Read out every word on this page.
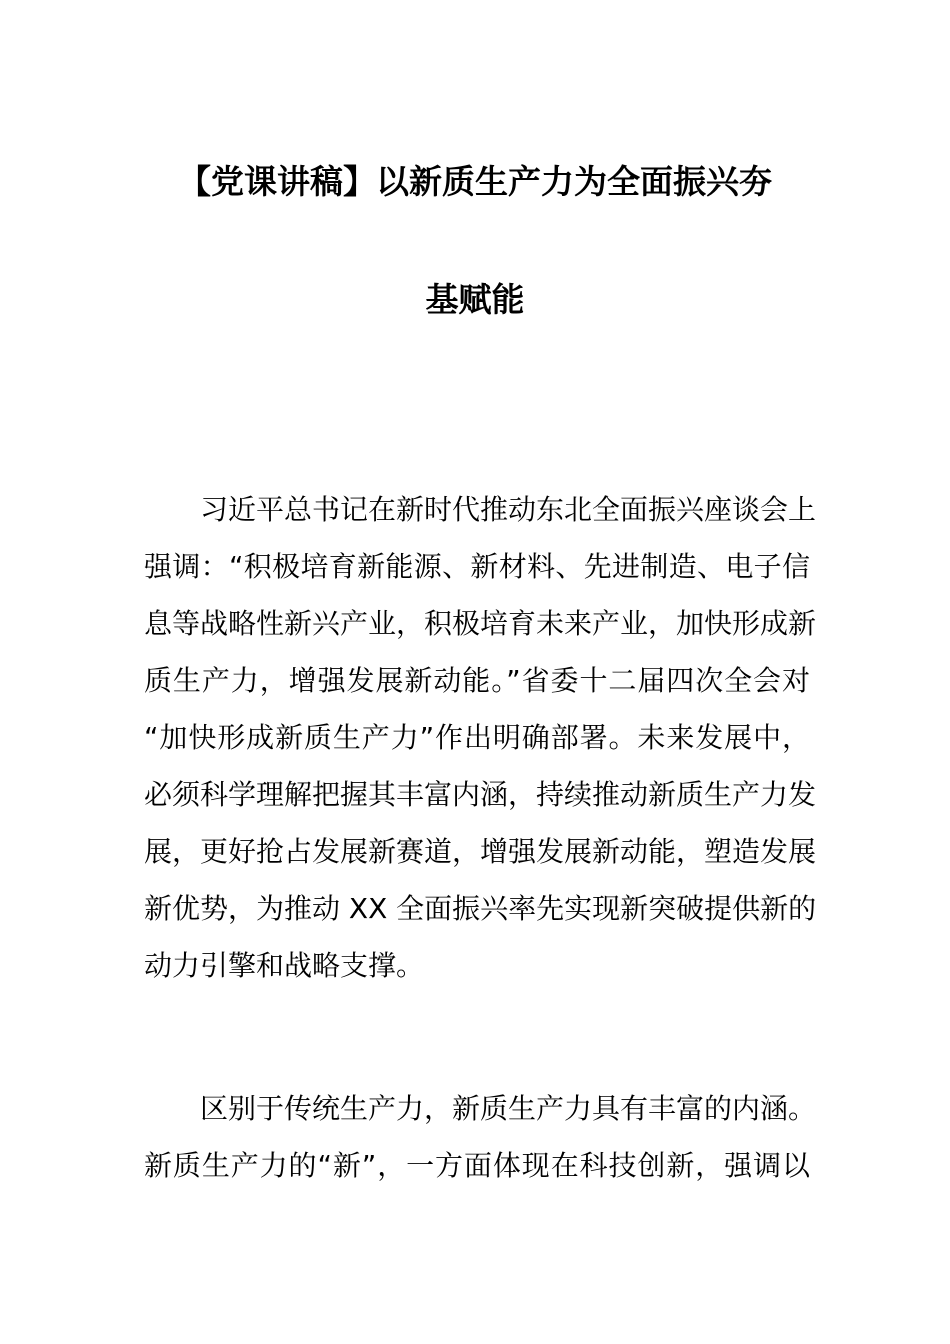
【党课讲稿】以新质生产力为全面振兴夯
基赋能
习近平总书记在新时代推动东北全面振兴座谈会上
强调：“积极培育新能源、新材料、先进制造、电子信
息等战略性新兴产业，积极培育未来产业，加快形成新
质生产力，增强发展新动能。”省委十二届四次全会对
“加快形成新质生产力”作出明确部署。未来发展中，
必须科学理解把握其丰富内涵，持续推动新质生产力发
展，更好抢占发展新赛道，增强发展新动能，塑造发展
新优势，为推动 XX 全面振兴率先实现新突破提供新的
动力引擎和战略支撑。
区别于传统生产力，新质生产力具有丰富的内涵。
新质生产力的“新”，一方面体现在科技创新，强调以
